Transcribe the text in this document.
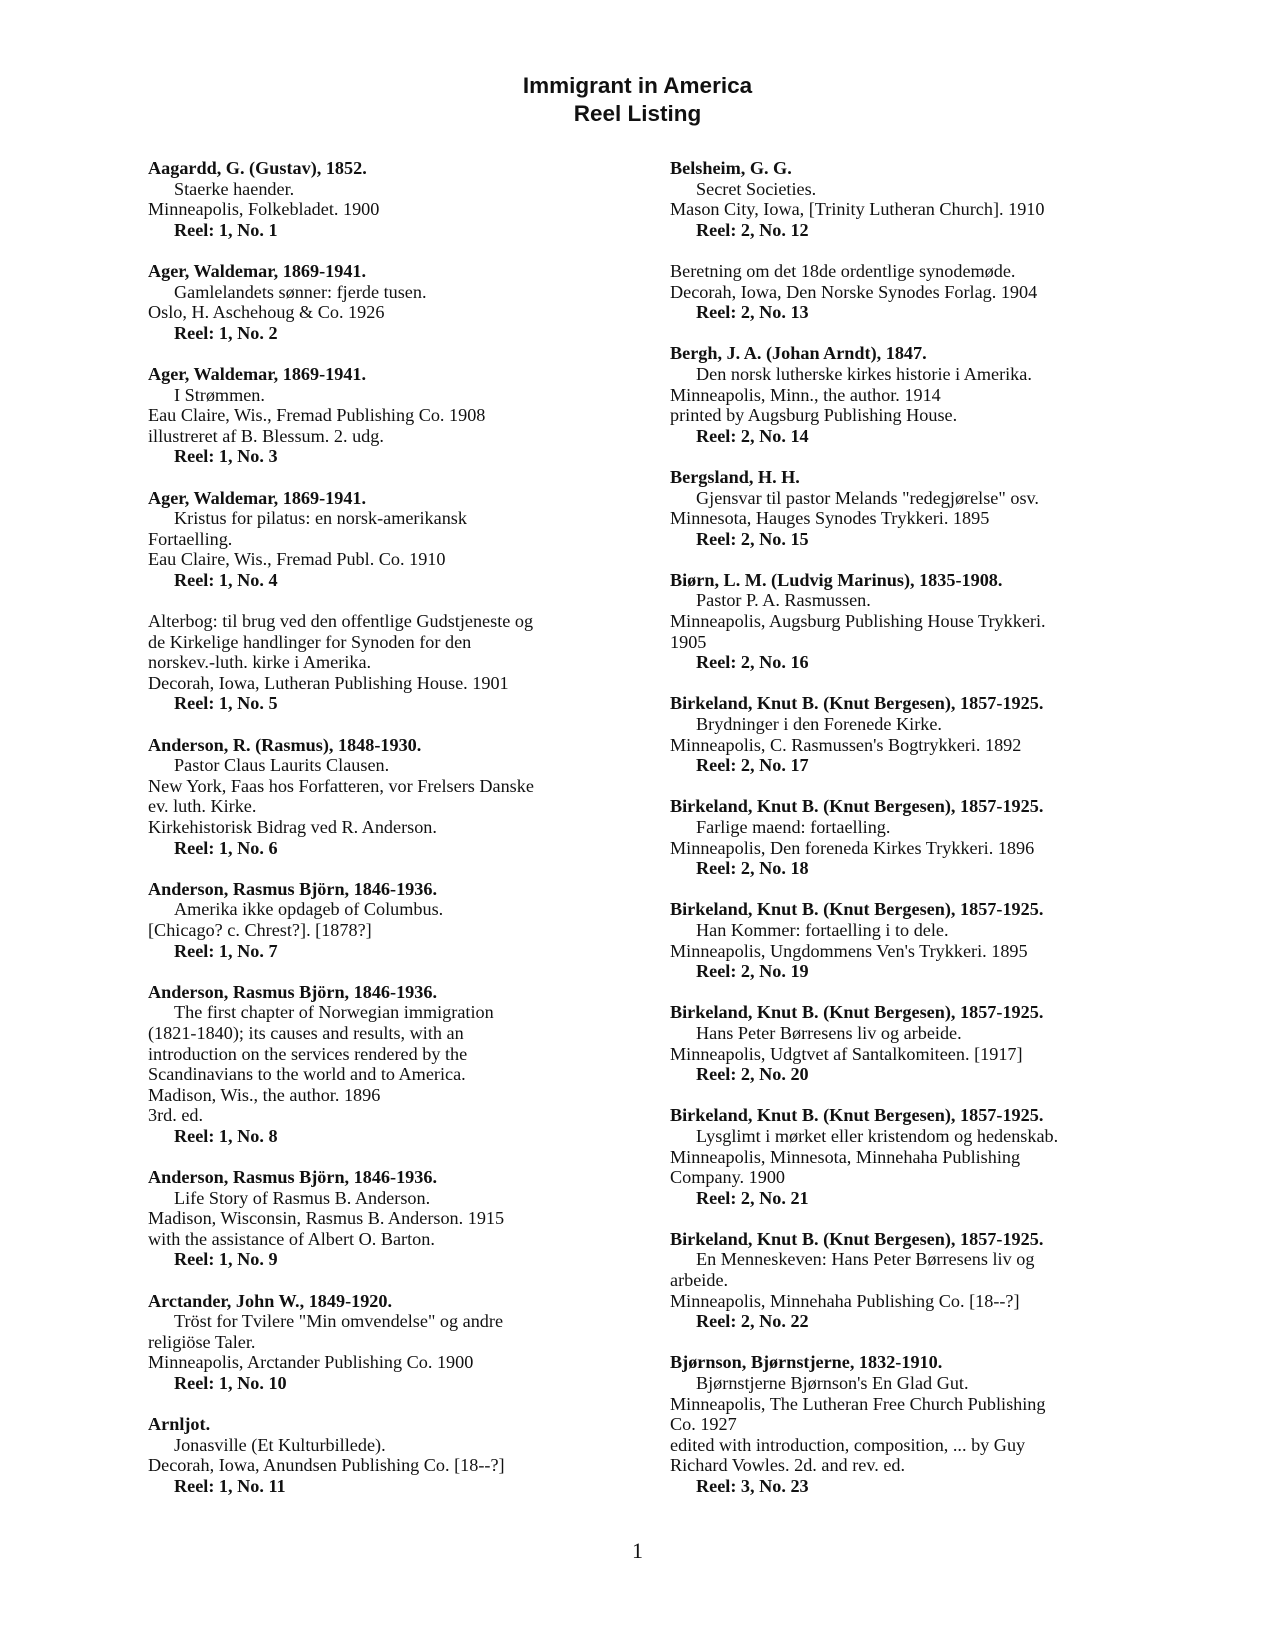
Immigrant in America
Reel Listing
Aagardd, G. (Gustav), 1852.
Staerke haender.
Minneapolis, Folkebladet. 1900
Reel: 1, No. 1
Ager, Waldemar, 1869-1941.
Gamlelandets sønner: fjerde tusen.
Oslo, H. Aschehoug & Co. 1926
Reel: 1, No. 2
Ager, Waldemar, 1869-1941.
I Strømmen.
Eau Claire, Wis., Fremad Publishing Co. 1908
illustreret af B. Blessum. 2. udg.
Reel: 1, No. 3
Ager, Waldemar, 1869-1941.
Kristus for pilatus: en norsk-amerikansk
Fortaelling.
Eau Claire, Wis., Fremad Publ. Co. 1910
Reel: 1, No. 4
Alterbog: til brug ved den offentlige Gudstjeneste og
de Kirkelige handlinger for Synoden for den
norskev.-luth. kirke i Amerika.
Decorah, Iowa, Lutheran Publishing House. 1901
Reel: 1, No. 5
Anderson, R. (Rasmus), 1848-1930.
Pastor Claus Laurits Clausen.
New York, Faas hos Forfatteren, vor Frelsers Danske
ev. luth. Kirke.
Kirkehistorisk Bidrag ved R. Anderson.
Reel: 1, No. 6
Anderson, Rasmus Björn, 1846-1936.
Amerika ikke opdageb of Columbus.
[Chicago? c. Chrest?]. [1878?]
Reel: 1, No. 7
Anderson, Rasmus Björn, 1846-1936.
The first chapter of Norwegian immigration
(1821-1840); its causes and results, with an
introduction on the services rendered by the
Scandinavians to the world and to America.
Madison, Wis., the author. 1896
3rd. ed.
Reel: 1, No. 8
Anderson, Rasmus Björn, 1846-1936.
Life Story of Rasmus B. Anderson.
Madison, Wisconsin, Rasmus B. Anderson. 1915
with the assistance of Albert O. Barton.
Reel: 1, No. 9
Arctander, John W., 1849-1920.
Tröst for Tvilere "Min omvendelse" og andre
religiöse Taler.
Minneapolis, Arctander Publishing Co. 1900
Reel: 1, No. 10
Arnljot.
Jonasville (Et Kulturbillede).
Decorah, Iowa, Anundsen Publishing Co. [18--?]
Reel: 1, No. 11
Belsheim, G. G.
Secret Societies.
Mason City, Iowa, [Trinity Lutheran Church]. 1910
Reel: 2, No. 12
Beretning om det 18de ordentlige synodemøde.
Decorah, Iowa, Den Norske Synodes Forlag. 1904
Reel: 2, No. 13
Bergh, J. A. (Johan Arndt), 1847.
Den norsk lutherske kirkes historie i Amerika.
Minneapolis, Minn., the author. 1914
printed by Augsburg Publishing House.
Reel: 2, No. 14
Bergsland, H. H.
Gjensvar til pastor Melands "redegjørelse" osv.
Minnesota, Hauges Synodes Trykkeri. 1895
Reel: 2, No. 15
Biørn, L. M. (Ludvig Marinus), 1835-1908.
Pastor P. A. Rasmussen.
Minneapolis, Augsburg Publishing House Trykkeri.
1905
Reel: 2, No. 16
Birkeland, Knut B. (Knut Bergesen), 1857-1925.
Brydninger i den Forenede Kirke.
Minneapolis, C. Rasmussen's Bogtrykkeri. 1892
Reel: 2, No. 17
Birkeland, Knut B. (Knut Bergesen), 1857-1925.
Farlige maend: fortaelling.
Minneapolis, Den foreneda Kirkes Trykkeri. 1896
Reel: 2, No. 18
Birkeland, Knut B. (Knut Bergesen), 1857-1925.
Han Kommer: fortaelling i to dele.
Minneapolis, Ungdommens Ven's Trykkeri. 1895
Reel: 2, No. 19
Birkeland, Knut B. (Knut Bergesen), 1857-1925.
Hans Peter Børresens liv og arbeide.
Minneapolis, Udgtvet af Santalkomiteen. [1917]
Reel: 2, No. 20
Birkeland, Knut B. (Knut Bergesen), 1857-1925.
Lysglimt i mørket eller kristendom og hedenskab.
Minneapolis, Minnesota, Minnehaha Publishing
Company. 1900
Reel: 2, No. 21
Birkeland, Knut B. (Knut Bergesen), 1857-1925.
En Menneskeven: Hans Peter Børresens liv og
arbeide.
Minneapolis, Minnehaha Publishing Co. [18--?]
Reel: 2, No. 22
Bjørnson, Bjørnstjerne, 1832-1910.
Bjørnstjerne Bjørnson's En Glad Gut.
Minneapolis, The Lutheran Free Church Publishing
Co. 1927
edited with introduction, composition, ... by Guy
Richard Vowles. 2d. and rev. ed.
Reel: 3, No. 23
1
